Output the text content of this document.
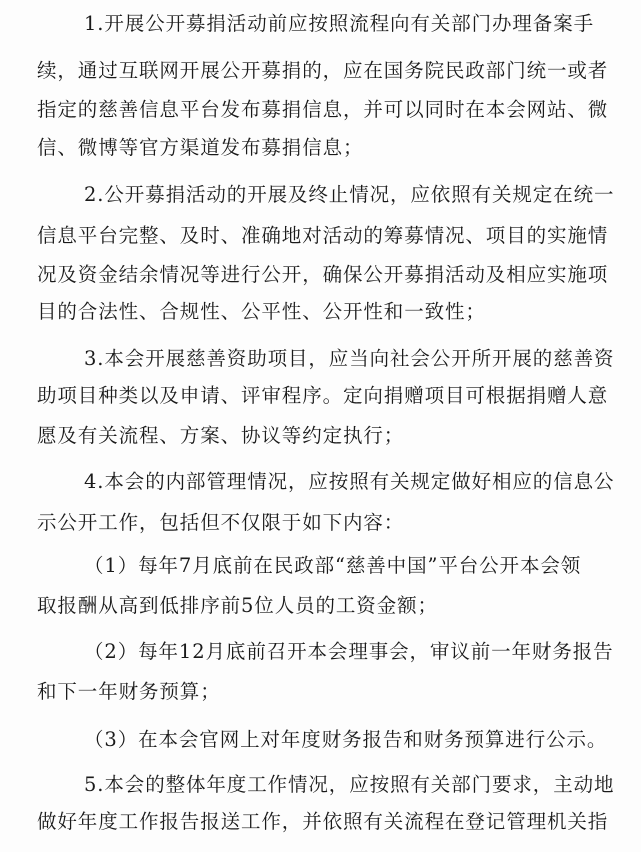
1.开展公开募捐活动前应按照流程向有关部门办理备案手
续，通过互联网开展公开募捐的，应在国务院民政部门统一或者
指定的慈善信息平台发布募捐信息，并可以同时在本会网站、微
信、微博等官方渠道发布募捐信息；
2.公开募捐活动的开展及终止情况，应依照有关规定在统一
信息平台完整、及时、准确地对活动的筹募情况、项目的实施情
况及资金结余情况等进行公开，确保公开募捐活动及相应实施项
目的合法性、合规性、公平性、公开性和一致性；
3.本会开展慈善资助项目，应当向社会公开所开展的慈善资
助项目种类以及申请、评审程序。定向捐赠项目可根据捐赠人意
愿及有关流程、方案、协议等约定执行；
4.本会的内部管理情况，应按照有关规定做好相应的信息公
示公开工作，包括但不仅限于如下内容：
（1）每年7月底前在民政部“慈善中国”平台公开本会领
取报酬从高到低排序前5位人员的工资金额；
（2）每年12月底前召开本会理事会，审议前一年财务报告
和下一年财务预算；
（3）在本会官网上对年度财务报告和财务预算进行公示。
5.本会的整体年度工作情况，应按照有关部门要求，主动地
做好年度工作报告报送工作，并依照有关流程在登记管理机关指
